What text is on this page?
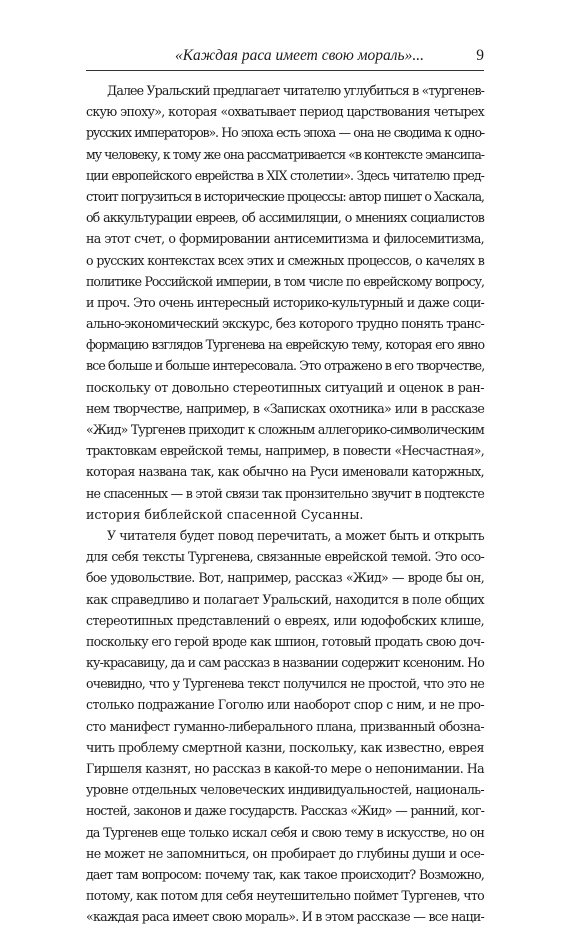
«Каждая раса имеет свою мораль»...	9
Далее Уральский предлагает читателю углубиться в «тургенев-
скую эпоху», которая «охватывает период царствования четырех
русских императоров». Но эпоха есть эпоха — она не сводима к одно-
му человеку, к тому же она рассматривается «в контексте эмансипа-
ции европейского еврейства в XIX столетии». Здесь читателю пред-
стоит погрузиться в исторические процессы: автор пишет о Хаскала,
об аккультурации евреев, об ассимиляции, о мнениях социалистов
на этот счет, о формировании антисемитизма и филосемитизма,
о русских контекстах всех этих и смежных процессов, о качелях в
политике Российской империи, в том числе по еврейскому вопросу,
и проч. Это очень интересный историко-культурный и даже соци-
ально-экономический экскурс, без которого трудно понять транс-
формацию взглядов Тургенева на еврейскую тему, которая его явно
все больше и больше интересовала. Это отражено в его творчестве,
поскольку от довольно стереотипных ситуаций и оценок в ран-
нем творчестве, например, в «Записках охотника» или в рассказе
«Жид» Тургенев приходит к сложным аллегорико-символическим
трактовкам еврейской темы, например, в повести «Несчастная»,
которая названа так, как обычно на Руси именовали каторжных,
не спасенных — в этой связи так пронзительно звучит в подтексте
история библейской спасенной Сусанны.
У читателя будет повод перечитать, а может быть и открыть
для себя тексты Тургенева, связанные еврейской темой. Это осо-
бое удовольствие. Вот, например, рассказ «Жид» — вроде бы он,
как справедливо и полагает Уральский, находится в поле общих
стереотипных представлений о евреях, или юдофобских клише,
поскольку его герой вроде как шпион, готовый продать свою доч-
ку-красавицу, да и сам рассказ в названии содержит ксеноним. Но
очевидно, что у Тургенева текст получился не простой, что это не
столько подражание Гоголю или наоборот спор с ним, и не про-
сто манифест гуманно-либерального плана, призванный обозна-
чить проблему смертной казни, поскольку, как известно, еврея
Гиршеля казнят, но рассказ в какой-то мере о непонимании. На
уровне отдельных человеческих индивидуальностей, националь-
ностей, законов и даже государств. Рассказ «Жид» — ранний, ког-
да Тургенев еще только искал себя и свою тему в искусстве, но он
не может не запомниться, он пробирает до глубины души и осе-
дает там вопросом: почему так, как такое происходит? Возможно,
потому, как потом для себя неутешительно поймет Тургенев, что
«каждая раса имеет свою мораль». И в этом рассказе — все наци-
